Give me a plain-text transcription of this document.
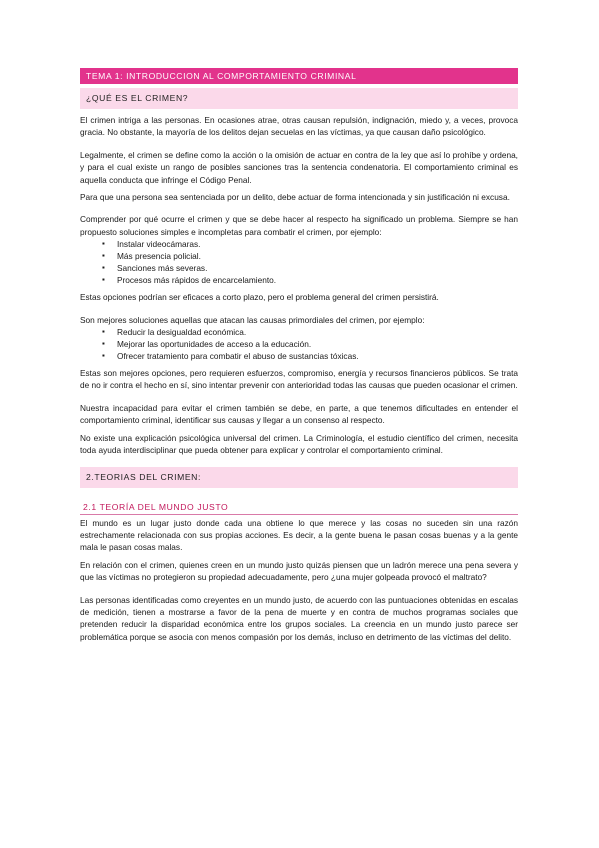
TEMA 1: INTRODUCCION AL COMPORTAMIENTO CRIMINAL
¿QUÉ ES EL CRIMEN?

El crimen intriga a las personas. En ocasiones atrae, otras causan repulsión, indignación, miedo y, a veces, provoca gracia. No obstante, la mayoría de los delitos dejan secuelas en las víctimas, ya que causan daño psicológico.

Legalmente, el crimen se define como la acción o la omisión de actuar en contra de la ley que así lo prohíbe y ordena, y para el cual existe un rango de posibles sanciones tras la sentencia condenatoria. El comportamiento criminal es aquella conducta que infringe el Código Penal.

Para que una persona sea sentenciada por un delito, debe actuar de forma intencionada y sin justificación ni excusa.

Comprender por qué ocurre el crimen y que se debe hacer al respecto ha significado un problema. Siempre se han propuesto soluciones simples e incompletas para combatir el crimen, por ejemplo:

▪ Instalar videocámaras.
▪ Más presencia policial.
▪ Sanciones más severas.
▪ Procesos más rápidos de encarcelamiento.

Estas opciones podrían ser eficaces a corto plazo, pero el problema general del crimen persistirá.

Son mejores soluciones aquellas que atacan las causas primordiales del crimen, por ejemplo:

▪ Reducir la desigualdad económica.
▪ Mejorar las oportunidades de acceso a la educación.
▪ Ofrecer tratamiento para combatir el abuso de sustancias tóxicas.

Estas son mejores opciones, pero requieren esfuerzos, compromiso, energía y recursos financieros públicos. Se trata de no ir contra el hecho en sí, sino intentar prevenir con anterioridad todas las causas que pueden ocasionar el crimen.

Nuestra incapacidad para evitar el crimen también se debe, en parte, a que tenemos dificultades en entender el comportamiento criminal, identificar sus causas y llegar a un consenso al respecto.

No existe una explicación psicológica universal del crimen. La Criminología, el estudio científico del crimen, necesita toda ayuda interdisciplinar que pueda obtener para explicar y controlar el comportamiento criminal.

2.TEORIAS DEL CRIMEN:
2.1 TEORÍA DEL MUNDO JUSTO

El mundo es un lugar justo donde cada una obtiene lo que merece y las cosas no suceden sin una razón estrechamente relacionada con sus propias acciones. Es decir, a la gente buena le pasan cosas buenas y a la gente mala le pasan cosas malas.

En relación con el crimen, quienes creen en un mundo justo quizás piensen que un ladrón merece una pena severa y que las víctimas no protegieron su propiedad adecuadamente, pero ¿una mujer golpeada provocó el maltrato?

Las personas identificadas como creyentes en un mundo justo, de acuerdo con las puntuaciones obtenidas en escalas de medición, tienen a mostrarse a favor de la pena de muerte y en contra de muchos programas sociales que pretenden reducir la disparidad económica entre los grupos sociales. La creencia en un mundo justo parece ser problemática porque se asocia con menos compasión por los demás, incluso en detrimento de las víctimas del delito.
